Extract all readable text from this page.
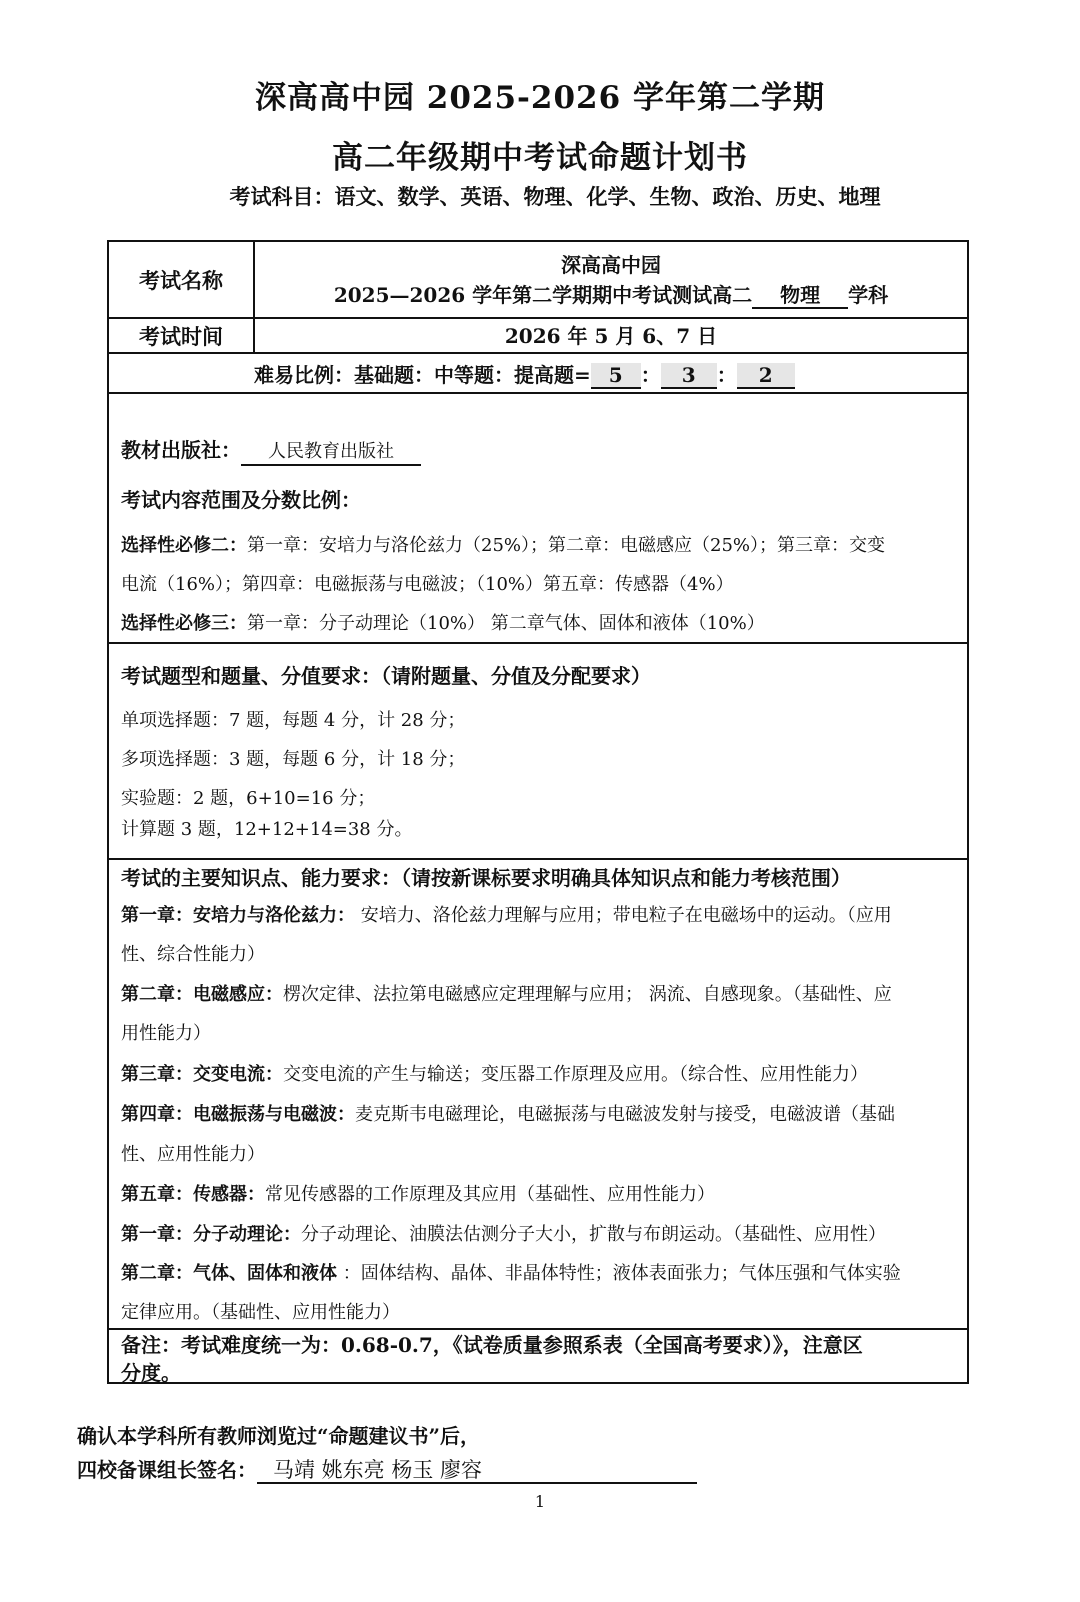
深高高中园 2025-2026 学年第二学期
高二年级期中考试命题计划书
考试科目：语文、数学、英语、物理、化学、生物、政治、历史、地理
考试名称
深高高中园
2025—2026 学年第二学期期中考试测试高二 物理 学科
考试时间	2026 年 5 月 6、7 日
难易比例：基础题：中等题：提高题= 5 ： 3 ： 2
教材出版社： 人民教育出版社
考试内容范围及分数比例：
选择性必修二：第一章：安培力与洛伦兹力（25%）；第二章：电磁感应（25%）；第三章：交变
电流（16%）；第四章：电磁振荡与电磁波；（10%）第五章：传感器（4%）
选择性必修三：第一章：分子动理论（10%） 第二章气体、固体和液体（10%）
考试题型和题量、分值要求：（请附题量、分值及分配要求）
单项选择题：7 题，每题 4 分，计 28 分；
多项选择题：3 题，每题 6 分，计 18 分；
实验题：2 题，6+10=16 分；
计算题 3 题，12+12+14=38 分。
考试的主要知识点、能力要求：（请按新课标要求明确具体知识点和能力考核范围）
第一章：安培力与洛伦兹力： 安培力、洛伦兹力理解与应用；带电粒子在电磁场中的运动。（应用
性、综合性能力）
第二章：电磁感应：楞次定律、法拉第电磁感应定理理解与应用； 涡流、自感现象。（基础性、应
用性能力）
第三章：交变电流：交变电流的产生与输送；变压器工作原理及应用。（综合性、应用性能力）
第四章：电磁振荡与电磁波：麦克斯韦电磁理论，电磁振荡与电磁波发射与接受，电磁波谱（基础
性、应用性能力）
第五章：传感器：常见传感器的工作原理及其应用（基础性、应用性能力）
第一章：分子动理论：分子动理论、油膜法估测分子大小，扩散与布朗运动。（基础性、应用性）
第二章：气体、固体和液体 ：固体结构、晶体、非晶体特性；液体表面张力；气体压强和气体实验
定律应用。（基础性、应用性能力）
备注：考试难度统一为：0.68-0.7，《试卷质量参照系表（全国高考要求）》，注意区
分度。
确认本学科所有教师浏览过“命题建议书”后，
四校备课组长签名： 马靖 姚东亮 杨玉 廖容
1
